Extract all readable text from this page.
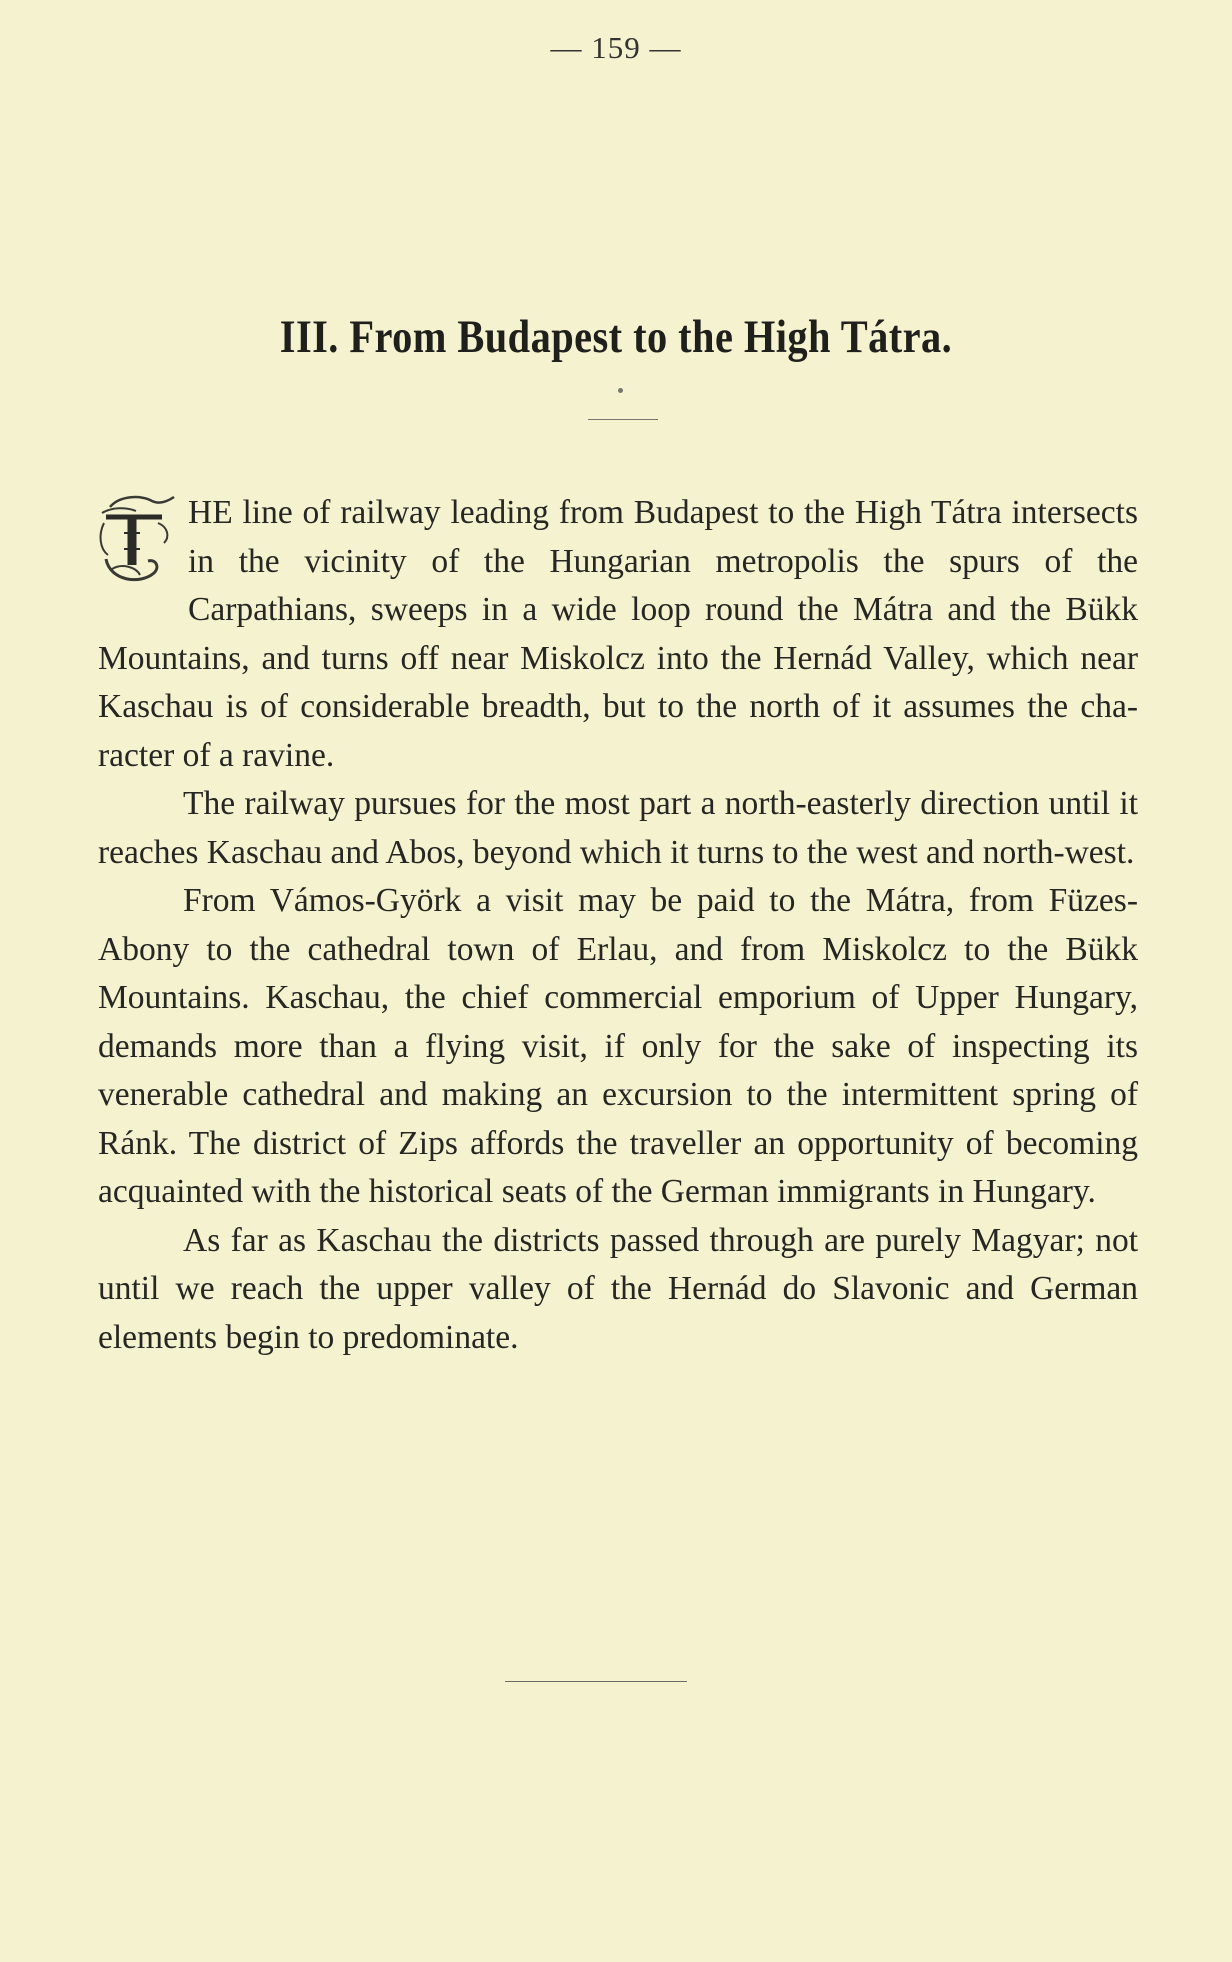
— 159 —
III. From Budapest to the High Tátra.

HE line of railway leading from Budapest to the High Tátra intersects in the vicinity of the Hungarian metropolis the spurs of the Carpathians, sweeps in a wide loop round the Mátra and the Bükk Mountains, and turns off near Miskolcz into the Hernád Valley, which near Kaschau is of considerable breadth, but to the north of it assumes the character of a ravine.

The railway pursues for the most part a north-easterly direction until it reaches Kaschau and Abos, beyond which it turns to the west and north-west.

From Vámos-Györk a visit may be paid to the Mátra, from Füzes-Abony to the cathedral town of Erlau, and from Miskolcz to the Bükk Mountains. Kaschau, the chief commercial emporium of Upper Hungary, demands more than a flying visit, if only for the sake of inspecting its venerable cathedral and making an excursion to the intermittent spring of Ránk. The district of Zips affords the traveller an opportunity of becoming acquainted with the historical seats of the German immigrants in Hungary.

As far as Kaschau the districts passed through are purely Magyar; not until we reach the upper valley of the Hernád do Slavonic and German elements begin to predominate.
